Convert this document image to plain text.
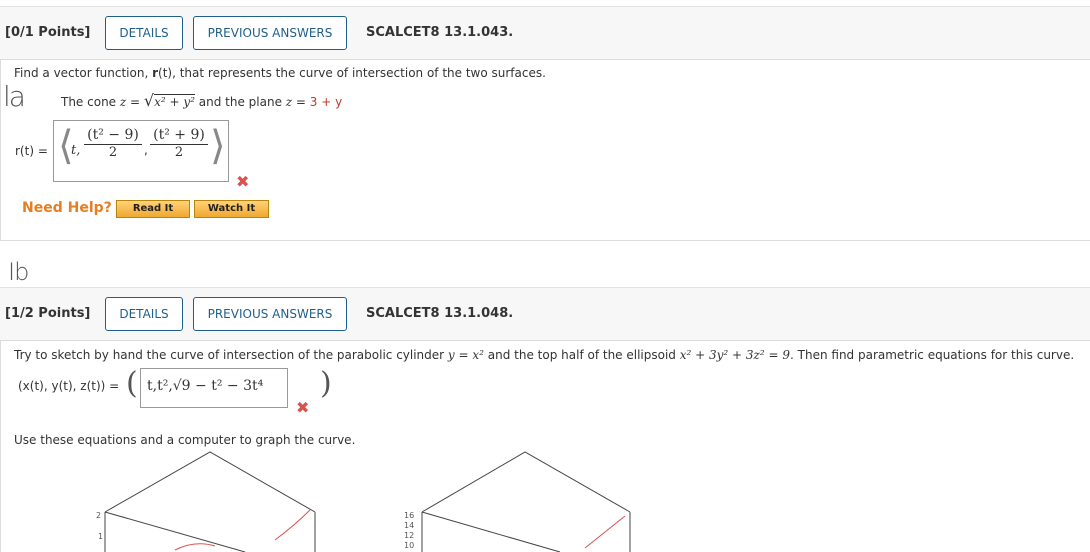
[0/1 Points]	DETAILS	PREVIOUS ANSWERS	SCALCET8 13.1.043.
Find a vector function, r(t), that represents the curve of intersection of the two surfaces.
la	The cone z = √x² + y² and the plane z = 3 + y
r(t) = ⟨
t, $\frac{\text{(t² − 9)}}{2}$ , $\frac{\text{(t² + 9)}}{2}$ ⟩
✖
Need Help?	Read It	Watch It
Ib
[1/2 Points]	DETAILS	PREVIOUS ANSWERS	SCALCET8 13.1.048.
Try to sketch by hand the curve of intersection of the parabolic cylinder y = x² and the top half of the ellipsoid x² + 3y² + 3z² = 9. Then find parametric equations for this curve.
(x(t), y(t), z(t)) = ( t,t²,√9 − t² − 3t⁴ )
✖
Use these equations and a computer to graph the curve.
2
1
16
14
12
10
